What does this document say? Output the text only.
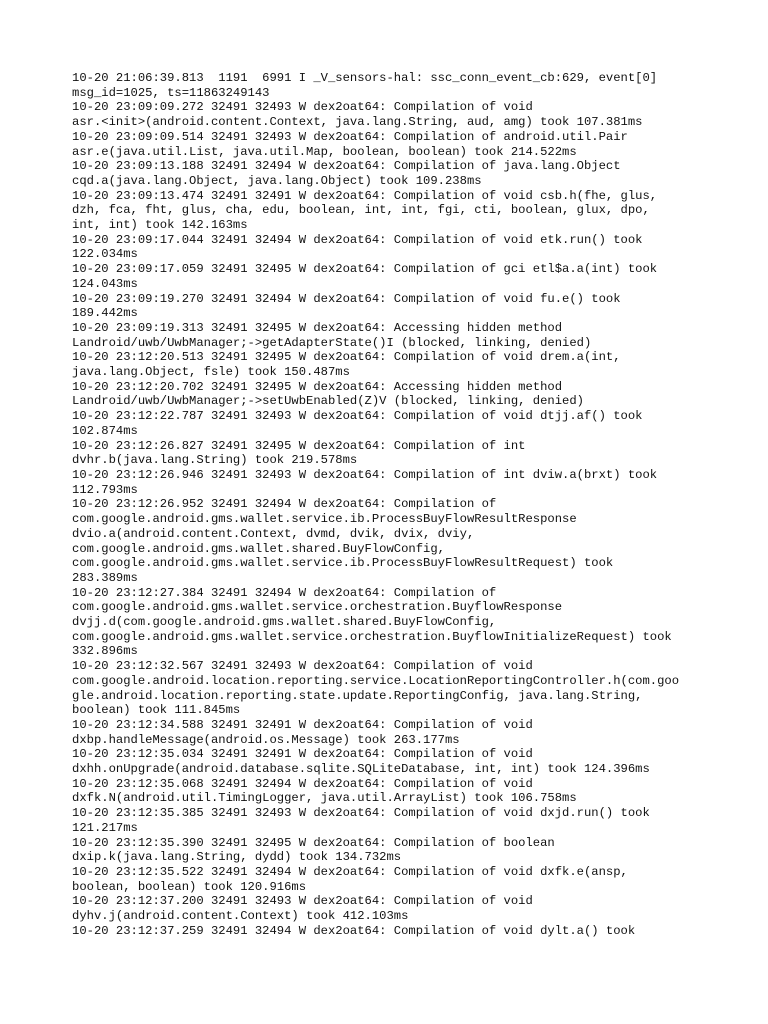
10-20 21:06:39.813  1191  6991 I _V_sensors-hal: ssc_conn_event_cb:629, event[0]
msg_id=1025, ts=11863249143
10-20 23:09:09.272 32491 32493 W dex2oat64: Compilation of void
asr.<init>(android.content.Context, java.lang.String, aud, amg) took 107.381ms
10-20 23:09:09.514 32491 32493 W dex2oat64: Compilation of android.util.Pair
asr.e(java.util.List, java.util.Map, boolean, boolean) took 214.522ms
10-20 23:09:13.188 32491 32494 W dex2oat64: Compilation of java.lang.Object
cqd.a(java.lang.Object, java.lang.Object) took 109.238ms
10-20 23:09:13.474 32491 32491 W dex2oat64: Compilation of void csb.h(fhe, glus,
dzh, fca, fht, glus, cha, edu, boolean, int, int, fgi, cti, boolean, glux, dpo,
int, int) took 142.163ms
10-20 23:09:17.044 32491 32494 W dex2oat64: Compilation of void etk.run() took
122.034ms
10-20 23:09:17.059 32491 32495 W dex2oat64: Compilation of gci etl$a.a(int) took
124.043ms
10-20 23:09:19.270 32491 32494 W dex2oat64: Compilation of void fu.e() took
189.442ms
10-20 23:09:19.313 32491 32495 W dex2oat64: Accessing hidden method
Landroid/uwb/UwbManager;->getAdapterState()I (blocked, linking, denied)
10-20 23:12:20.513 32491 32495 W dex2oat64: Compilation of void drem.a(int,
java.lang.Object, fsle) took 150.487ms
10-20 23:12:20.702 32491 32495 W dex2oat64: Accessing hidden method
Landroid/uwb/UwbManager;->setUwbEnabled(Z)V (blocked, linking, denied)
10-20 23:12:22.787 32491 32493 W dex2oat64: Compilation of void dtjj.af() took
102.874ms
10-20 23:12:26.827 32491 32495 W dex2oat64: Compilation of int
dvhr.b(java.lang.String) took 219.578ms
10-20 23:12:26.946 32491 32493 W dex2oat64: Compilation of int dviw.a(brxt) took
112.793ms
10-20 23:12:26.952 32491 32494 W dex2oat64: Compilation of
com.google.android.gms.wallet.service.ib.ProcessBuyFlowResultResponse
dvio.a(android.content.Context, dvmd, dvik, dvix, dviy,
com.google.android.gms.wallet.shared.BuyFlowConfig,
com.google.android.gms.wallet.service.ib.ProcessBuyFlowResultRequest) took
283.389ms
10-20 23:12:27.384 32491 32494 W dex2oat64: Compilation of
com.google.android.gms.wallet.service.orchestration.BuyflowResponse
dvjj.d(com.google.android.gms.wallet.shared.BuyFlowConfig,
com.google.android.gms.wallet.service.orchestration.BuyflowInitializeRequest) took
332.896ms
10-20 23:12:32.567 32491 32493 W dex2oat64: Compilation of void
com.google.android.location.reporting.service.LocationReportingController.h(com.goo
gle.android.location.reporting.state.update.ReportingConfig, java.lang.String,
boolean) took 111.845ms
10-20 23:12:34.588 32491 32491 W dex2oat64: Compilation of void
dxbp.handleMessage(android.os.Message) took 263.177ms
10-20 23:12:35.034 32491 32491 W dex2oat64: Compilation of void
dxhh.onUpgrade(android.database.sqlite.SQLiteDatabase, int, int) took 124.396ms
10-20 23:12:35.068 32491 32494 W dex2oat64: Compilation of void
dxfk.N(android.util.TimingLogger, java.util.ArrayList) took 106.758ms
10-20 23:12:35.385 32491 32493 W dex2oat64: Compilation of void dxjd.run() took
121.217ms
10-20 23:12:35.390 32491 32495 W dex2oat64: Compilation of boolean
dxip.k(java.lang.String, dydd) took 134.732ms
10-20 23:12:35.522 32491 32494 W dex2oat64: Compilation of void dxfk.e(ansp,
boolean, boolean) took 120.916ms
10-20 23:12:37.200 32491 32493 W dex2oat64: Compilation of void
dyhv.j(android.content.Context) took 412.103ms
10-20 23:12:37.259 32491 32494 W dex2oat64: Compilation of void dylt.a() took
